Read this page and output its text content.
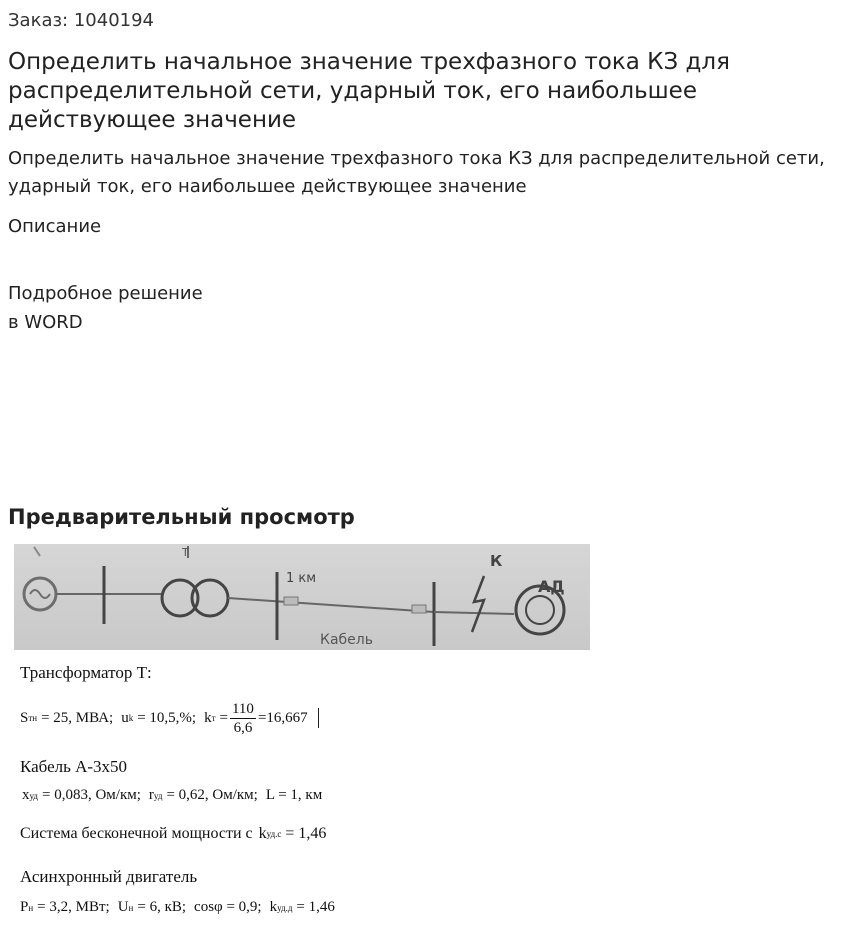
Заказ: 1040194
Определить начальное значение трехфазного тока КЗ для распределительной сети, ударный ток, его наибольшее действующее значение
Определить начальное значение трехфазного тока КЗ для распределительной сети, ударный ток, его наибольшее действующее значение
Описание
Подробное решение
в WORD
Предварительный просмотр
Т
1 км
Кабель
К
АД
Трансформатор Т:
S тн = 25, МВА; u k = 10,5,%; k $т = \frac{110}{6,6} =16,667$
Кабель А-3х50
x уд = 0,083, Ом/км; r уд = 0,62, Ом/км; L = 1, км
Система бесконечной мощности с k уд.с = 1,46
Асинхронный двигатель
P н = 3,2, МВт; U н = 6, кВ; cosφ = 0,9; k уд.д = 1,46
